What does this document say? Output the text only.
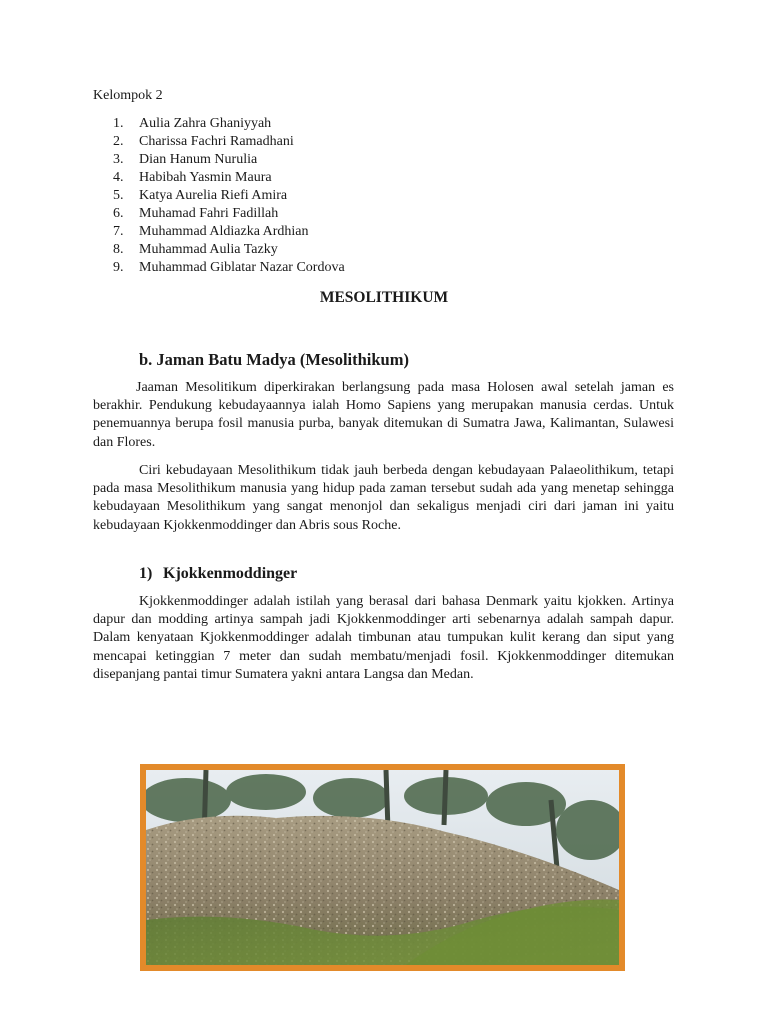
Kelompok 2
1.	Aulia Zahra Ghaniyyah
2.	Charissa Fachri Ramadhani
3.	Dian Hanum Nurulia
4.	Habibah Yasmin Maura
5.	Katya Aurelia Riefi Amira
6.	Muhamad Fahri Fadillah
7.	Muhammad Aldiazka Ardhian
8.	Muhammad Aulia Tazky
9.	Muhammad Giblatar Nazar Cordova
MESOLITHIKUM
b. Jaman Batu Madya (Mesolithikum)

Jaaman Mesolitikum diperkirakan berlangsung pada masa Holosen awal setelah jaman es berakhir. Pendukung kebudayaannya ialah Homo Sapiens yang merupakan manusia cerdas. Untuk penemuannya berupa fosil manusia purba, banyak ditemukan di Sumatra Jawa, Kalimantan, Sulawesi dan Flores.

Ciri kebudayaan Mesolithikum tidak jauh berbeda dengan kebudayaan Palaeolithikum, tetapi pada masa Mesolithikum manusia yang hidup pada zaman tersebut sudah ada yang menetap sehingga kebudayaan Mesolithikum yang sangat menonjol dan sekaligus menjadi ciri dari jaman ini yaitu kebudayaan Kjokkenmoddinger dan Abris sous Roche.

1) Kjokkenmoddinger

Kjokkenmoddinger adalah istilah yang berasal dari bahasa Denmark yaitu kjokken. Artinya dapur dan modding artinya sampah jadi Kjokkenmoddinger arti sebenarnya adalah sampah dapur. Dalam kenyataan Kjokkenmoddinger adalah timbunan atau tumpukan kulit kerang dan siput yang mencapai ketinggian 7 meter dan sudah membatu/menjadi fosil. Kjokkenmoddinger ditemukan disepanjang pantai timur Sumatera yakni antara Langsa dan Medan.
